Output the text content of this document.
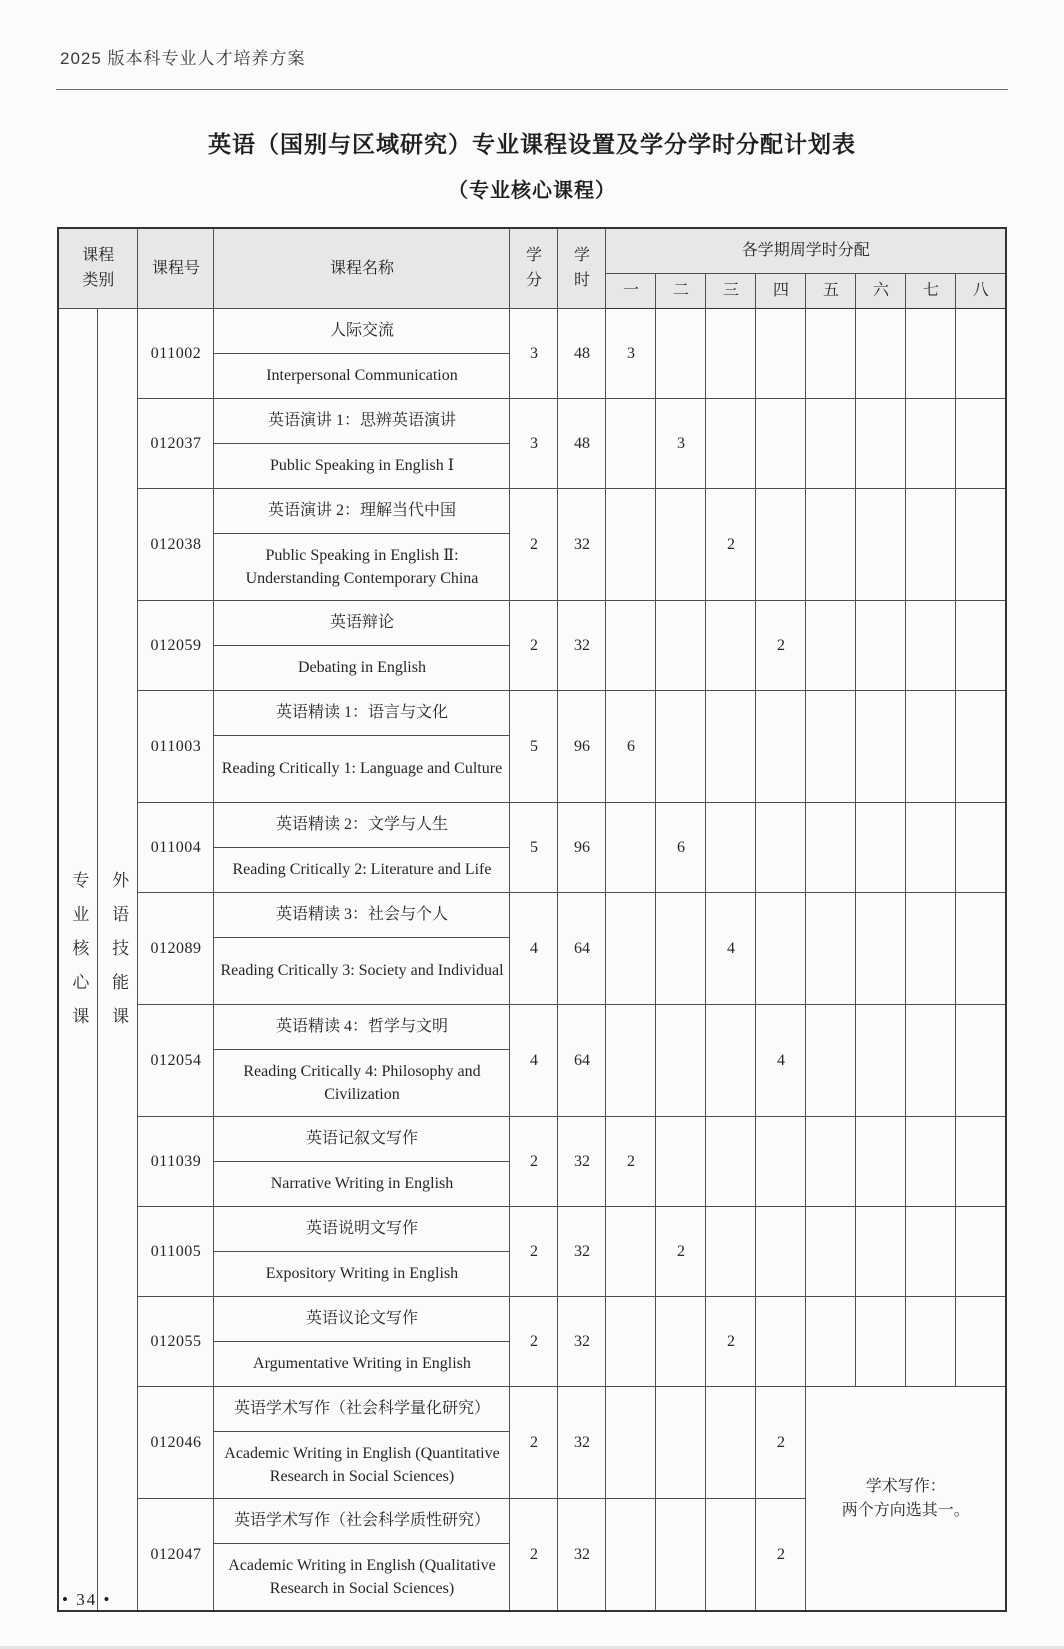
2025 版本科专业人才培养方案
英语（国别与区域研究）专业课程设置及学分学时分配计划表
（专业核心课程）
课程类别		课程号	课程名称	学分	学时	各学期周学时分配							
						一	二	三	四	五	六	七	八
专业核心课	外语技能课	011002	人际交流	3	48	3							
			Interpersonal Communication										
		012037	英语演讲 1：思辨英语演讲	3	48		3						
			Public Speaking in English Ⅰ										
		012038	英语演讲 2：理解当代中国	2	32			2					
			Public Speaking in English Ⅱ: Understanding Contemporary China										
		012059	英语辩论	2	32				2				
			Debating in English										
		011003	英语精读 1：语言与文化	5	96	6							
			Reading Critically 1: Language and Culture										
		011004	英语精读 2：文学与人生	5	96		6						
			Reading Critically 2: Literature and Life										
		012089	英语精读 3：社会与个人	4	64			4					
			Reading Critically 3: Society and Individual										
		012054	英语精读 4：哲学与文明	4	64				4				
			Reading Critically 4: Philosophy and Civilization										
		011039	英语记叙文写作	2	32	2							
			Narrative Writing in English										
		011005	英语说明文写作	2	32		2						
			Expository Writing in English										
		012055	英语议论文写作	2	32			2					
			Argumentative Writing in English										
		012046	英语学术写作（社会科学量化研究）	2	32				2	学术写作：
两个方向选其一。			

			Academic Writing in English (Quantitative Research in Social Sciences)										
		012047	英语学术写作（社会科学质性研究）	2	32				2				
			Academic Writing in English (Qualitative Research in Social Sciences)										
• 34 •
